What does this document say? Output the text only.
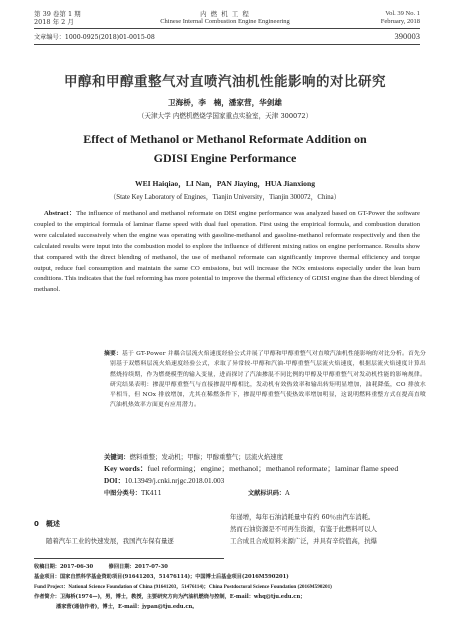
第 39 卷第 1 期
2018 年 2 月
内 燃 机 工 程
Chinese Internal Combustion Engine Engineering
Vol. 39 No. 1
February, 2018
文章编号：1000-0925(2018)01-0015-08	390003
甲醇和甲醇重整气对直喷汽油机性能影响的对比研究
卫海桥，李　楠，潘家营，华剑雄
（天津大学 内燃机燃烧学国家重点实验室，天津 300072）
Effect of Methanol or Methanol Reformate Addition on
GDISI Engine Performance
WEI Haiqiao，LI Nan，PAN Jiaying，HUA Jianxiong
（State Key Laboratory of Engines，Tianjin University，Tianjin 300072，China）
Abstract：The influence of methanol and methanol reformate on DISI engine performance was analyzed based on GT-Power the software coupled to the empirical formula of laminar flame speed with dual fuel operation. First using the empirical formula, and combustion duration were calculated successively when the engine was operating with gasoline-methanol and gasoline-methanol reformate respectively and then the calculated results were input into the combustion model to explore the influence of different mixing ratios on engine performance. Results show that compared with the direct blending of methanol, the use of methanol reformate can significantly improve thermal efficiency and torque output, reduce fuel consumption and maintain the same CO emissions, but will increase the NOx emissions especially under the lean burn conditions. This indicates that the fuel reforming has more potential to improve the thermal efficiency of GDISI engine than the direct blending of methanol.
摘要：基于 GT-Power 并耦合层流火焰速度经验公式并展了甲醇和甲醇重整气对直喷汽油机性能影响的对比分析。首先分别基于双燃料层流火焰速度经验公式，求取了异常较-甲醇和汽油-甲醇重整气层流火焰速度，根据层流火焰速度计算出燃烧持续期，作为燃烧模型的输入变量，进而探讨了汽油掺混不同比例的甲醇及甲醇重整气对发动机性能的影响规律。研究结果表明：掺混甲醇重整气与直接掺混甲醇相比，发动机有效热效率和输出转矩明显增加，油耗降低，CO 排放水平相当，但 NOx 排放增加，尤其在稀燃条件下，掺混甲醇重整气使热效率增加明显，这说明燃料重整方式在提高直喷汽油机热效率方面更有应用潜力。
关键词：燃料重整；发动机；甲醇；甲醇重整气；层流火焰速度
Key words：fuel reforming；engine；methanol；methanol reformate；laminar flame speed
DOI：10.13949/j.cnki.nrjgc.2018.01.003
中图分类号：TK411	文献标识码：A
0　概述
随着汽车工业的快速发展，我国汽车保有量逐
年递增，每年石油消耗量中有约 60％由汽车消耗。
然而石油资源是不可再生资源，有鉴于此燃料可以人
工合成且合成原料来源广泛，并具有辛烷值高，抗爆
收稿日期：2017-06-30　　　修回日期：2017-07-30
基金项目：国家自然科学基金资助项目(91641203，51476114)；中国博士后基金项目(2016M590201)
Fund Project：National Science Foundation of China (91641203，51476114)；China Postdoctoral Science Foundation (2016M590201)
作者简介：卫海桥(1974—)，男，博士，教授，主要研究方向为汽油机燃烧与控制，E-mail：whq@tju.edu.cn；
潘家营(通信作者)，博士，E-mail：jypan@tju.edu.cn。
